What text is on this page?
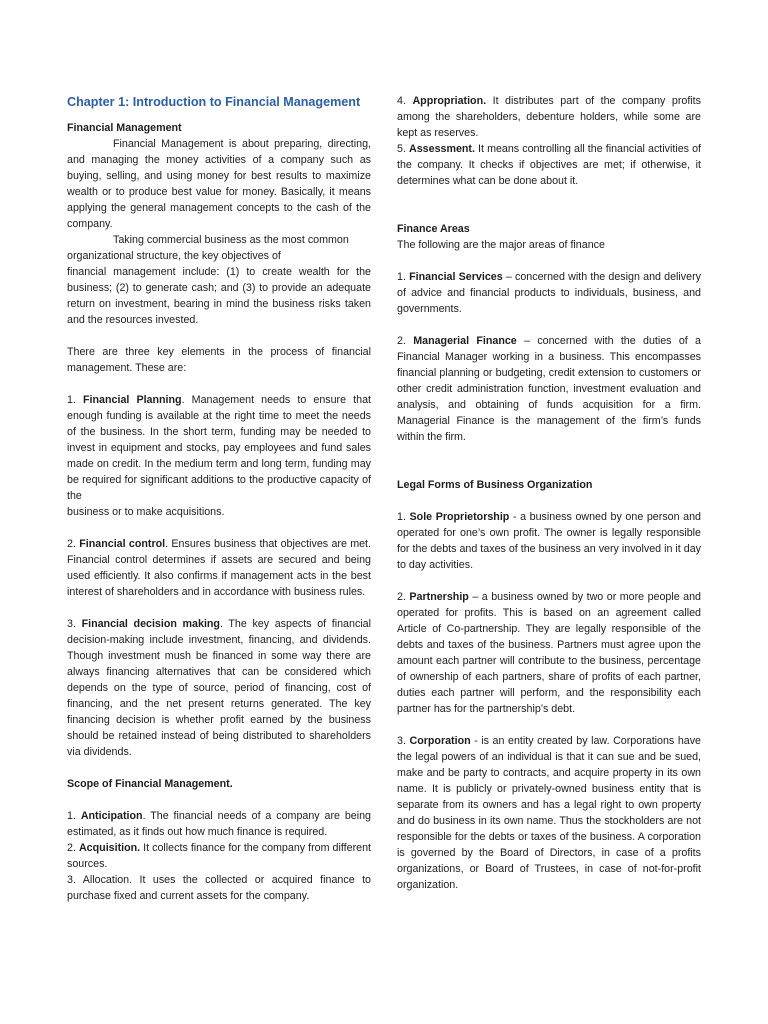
Chapter 1: Introduction to Financial Management

Financial Management

Financial Management is about preparing, directing, and managing the money activities of a company such as buying, selling, and using money for best results to maximize wealth or to produce best value for money. Basically, it means applying the general management concepts to the cash of the company.

Taking commercial business as the most common organizational structure, the key objectives of

financial management include: (1) to create wealth for the business; (2) to generate cash; and (3) to provide an adequate return on investment, bearing in mind the business risks taken and the resources invested.

There are three key elements in the process of financial management. These are:

1. Financial Planning. Management needs to ensure that enough funding is available at the right time to meet the needs of the business. In the short term, funding may be needed to invest in equipment and stocks, pay employees and fund sales made on credit. In the medium term and long term, funding may be required for significant additions to the productive capacity of the

business or to make acquisitions.

2. Financial control. Ensures business that objectives are met. Financial control determines if assets are secured and being used efficiently. It also confirms if management acts in the best interest of shareholders and in accordance with business rules.

3. Financial decision making. The key aspects of financial decision-making include investment, financing, and dividends. Though investment mush be financed in some way there are always financing alternatives that can be considered which depends on the type of source, period of financing, cost of financing, and the net present returns generated. The key financing decision is whether profit earned by the business should be retained instead of being distributed to shareholders via dividends.

Scope of Financial Management.

1. Anticipation. The financial needs of a company are being estimated, as it finds out how much finance is required.

2. Acquisition. It collects finance for the company from different sources.

3. Allocation. It uses the collected or acquired finance to purchase fixed and current assets for the company.

4. Appropriation. It distributes part of the company profits among the shareholders, debenture holders, while some are kept as reserves.

5. Assessment. It means controlling all the financial activities of the company. It checks if objectives are met; if otherwise, it determines what can be done about it.

Finance Areas

The following are the major areas of finance

1. Financial Services – concerned with the design and delivery of advice and financial products to individuals, business, and governments.

2. Managerial Finance – concerned with the duties of a Financial Manager working in a business. This encompasses financial planning or budgeting, credit extension to customers or other credit administration function, investment evaluation and analysis, and obtaining of funds acquisition for a firm. Managerial Finance is the management of the firm’s funds within the firm.

Legal Forms of Business Organization

1. Sole Proprietorship - a business owned by one person and operated for one’s own profit. The owner is legally responsible for the debts and taxes of the business an very involved in it day to day activities.

2. Partnership – a business owned by two or more people and operated for profits. This is based on an agreement called Article of Co-partnership. They are legally responsible of the debts and taxes of the business. Partners must agree upon the amount each partner will contribute to the business, percentage of ownership of each partners, share of profits of each partner, duties each partner will perform, and the responsibility each partner has for the partnership’s debt.

3. Corporation - is an entity created by law. Corporations have the legal powers of an individual is that it can sue and be sued, make and be party to contracts, and acquire property in its own name. It is publicly or privately-owned business entity that is separate from its owners and has a legal right to own property and do business in its own name. Thus the stockholders are not responsible for the debts or taxes of the business. A corporation is governed by the Board of Directors, in case of a profits organizations, or Board of Trustees, in case of not-for-profit organization.
